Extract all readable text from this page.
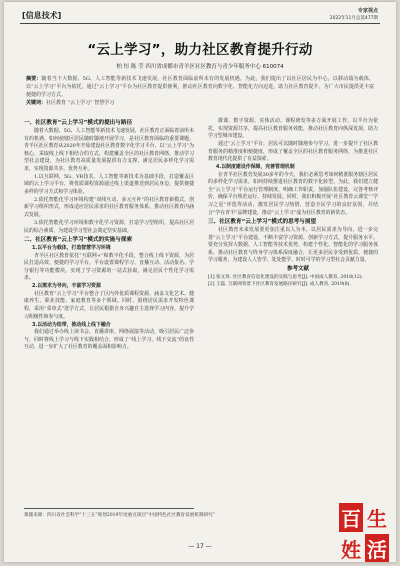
[信息技术]	专家视点
2022年11月总第477期
“云上学习”，助力社区教育提升行动
柏 恒 陈 莹 四川省成都市青羊区社区教育与青少年服务中心 610074
摘要：随着当下大数据、5G、人工智能等新技术飞速发展，社区教育面临前所未有的发展机遇。为此，我们提出了以社区居民为中心，以移动端为载体，以“云上学习”平台为依托，通过“云上学习”平台为社区教育提供便利，推动社区教育向数字化、智能化方向迈进，助力社区教育提升，为广大市民提供更丰富便捷的学习方式。
关键词：社区教育 “云上学习” 智慧学习
一、社区教育“云上学习”模式的提出与路径

随着大数据、5G、人工智能等新技术飞速发展，社区教育正面临着前所未有的机遇。如何使辖区居民随时随地开展学习，是社区教育面临的重要课题。青羊区社区教育从2020年开始建设社区教育数字化学习平台，以“云上学习”为核心，采取线上线下相结合的方式，构建覆盖全区的社区教育网络，推动学习型社会建设，为社区教育高质量发展提供有力支撑，满足居民多样化学习需求，实现资源共享、优势互补。

1.以互联网、5G、VR技术、人工智能等新技术为基础手段，打造覆盖区域的云上学习平台，将优质课程资源通过线上渠道推送到居民身边，提供便捷多样的学习方式和学习体验。

2.依托智能化学习环境构建“双线互动、多元互补”的社区教育新模式，创新学习组织形式，形成适应居民需求的社区教育服务体系，推动社区教育内涵式发展。

3.依托智能化学习环境和数字化学习资源，打造学习型组织，提高社区居民的综合素质，为建设学习型社会奠定坚实基础。

二、社区教育“云上学习”模式的实施与探索

1.以平台为载体，打造智慧学习环境

青羊区社区教育依托“互联网+”和数字化手段，整合线上线下资源，为居民打造高效、便捷的学习平台。平台设置课程学习、直播互动、活动报名、学分银行等功能模块，实现了学习资源的一站式获取，满足居民个性化学习需求。

2.以需求为导向，丰富学习资源

社区教育“云上学习”平台整合了区内外优质课程资源，涵盖文化艺术、健康养生、职业技能、家庭教育等多个领域。同时，围绕居民需求开发特色课程，采用“菜单式”选学方式，让居民根据自身兴趣自主选择学习内容，提升学习积极性和参与度。

3.以活动为纽带，推动线上线下融合

我们通过举办线上读书会、直播讲座、网络展演等活动，吸引居民广泛参与，同时将线上学习与线下实践相结合，形成了“线上学习、线下交流”的良性互动，进一步扩大了社区教育的覆盖面和影响力。

微课、数字资源、实体活动、课程研发等多方面开展工作，以平台为依托，实现资源共享，提高社区教育服务效能，推动社区教育向纵深发展，助力学习型城市建设。

通过“云上学习”平台，居民可以随时随地参与学习，进一步提升了社区教育服务的精准度和便捷度，形成了覆盖全区的社区教育服务网络，为推进社区教育现代化提供了有益探索。

4.以制度建设作保障，完善管理机制

在青羊社区教育发展30多年的今天，我们必须思考如何精准服务辖区居民的多样化学习需求，如何持续推进社区教育的数字化转型。为此，我们建立健全“云上学习”平台运行管理制度，明确工作职责，加强队伍建设，完善考核评价，确保平台规范运行、持续发展。同时，我们积极开展“社区教育云课堂”“学习之星”评选等活动，激发居民学习热情，营造全民学习的良好氛围，并结合“学在青羊”品牌建设，推动“云上学习”成为社区教育的新常态。

三、社区教育“云上学习”模式的思考与展望

社区教育未来发展要更加注重以人为本，以居民需求为导向，进一步完善“云上学习”平台建设，不断丰富学习资源，创新学习方式，提升服务水平。要充分发挥大数据、人工智能等技术优势，构建个性化、智能化的学习服务体系，推动社区教育与终身学习体系深度融合，让更多居民享受到优质、便捷的学习服务，为建设人人皆学、处处能学、时时可学的学习型社会贡献力量。

参考文献

[1] 张文珍. 社区教育信息化建设的实践与思考[J]. 中国成人教育, 2018(12).

[2] 王磊. 互联网背景下社区教育发展路径研究[J]. 成人教育, 2019(8).

课题来源：四川省社会科学“十三五”规划2019年度重点项目“中国特色社区教育发展机制研究”
— 17 —
百 生
姓 活
